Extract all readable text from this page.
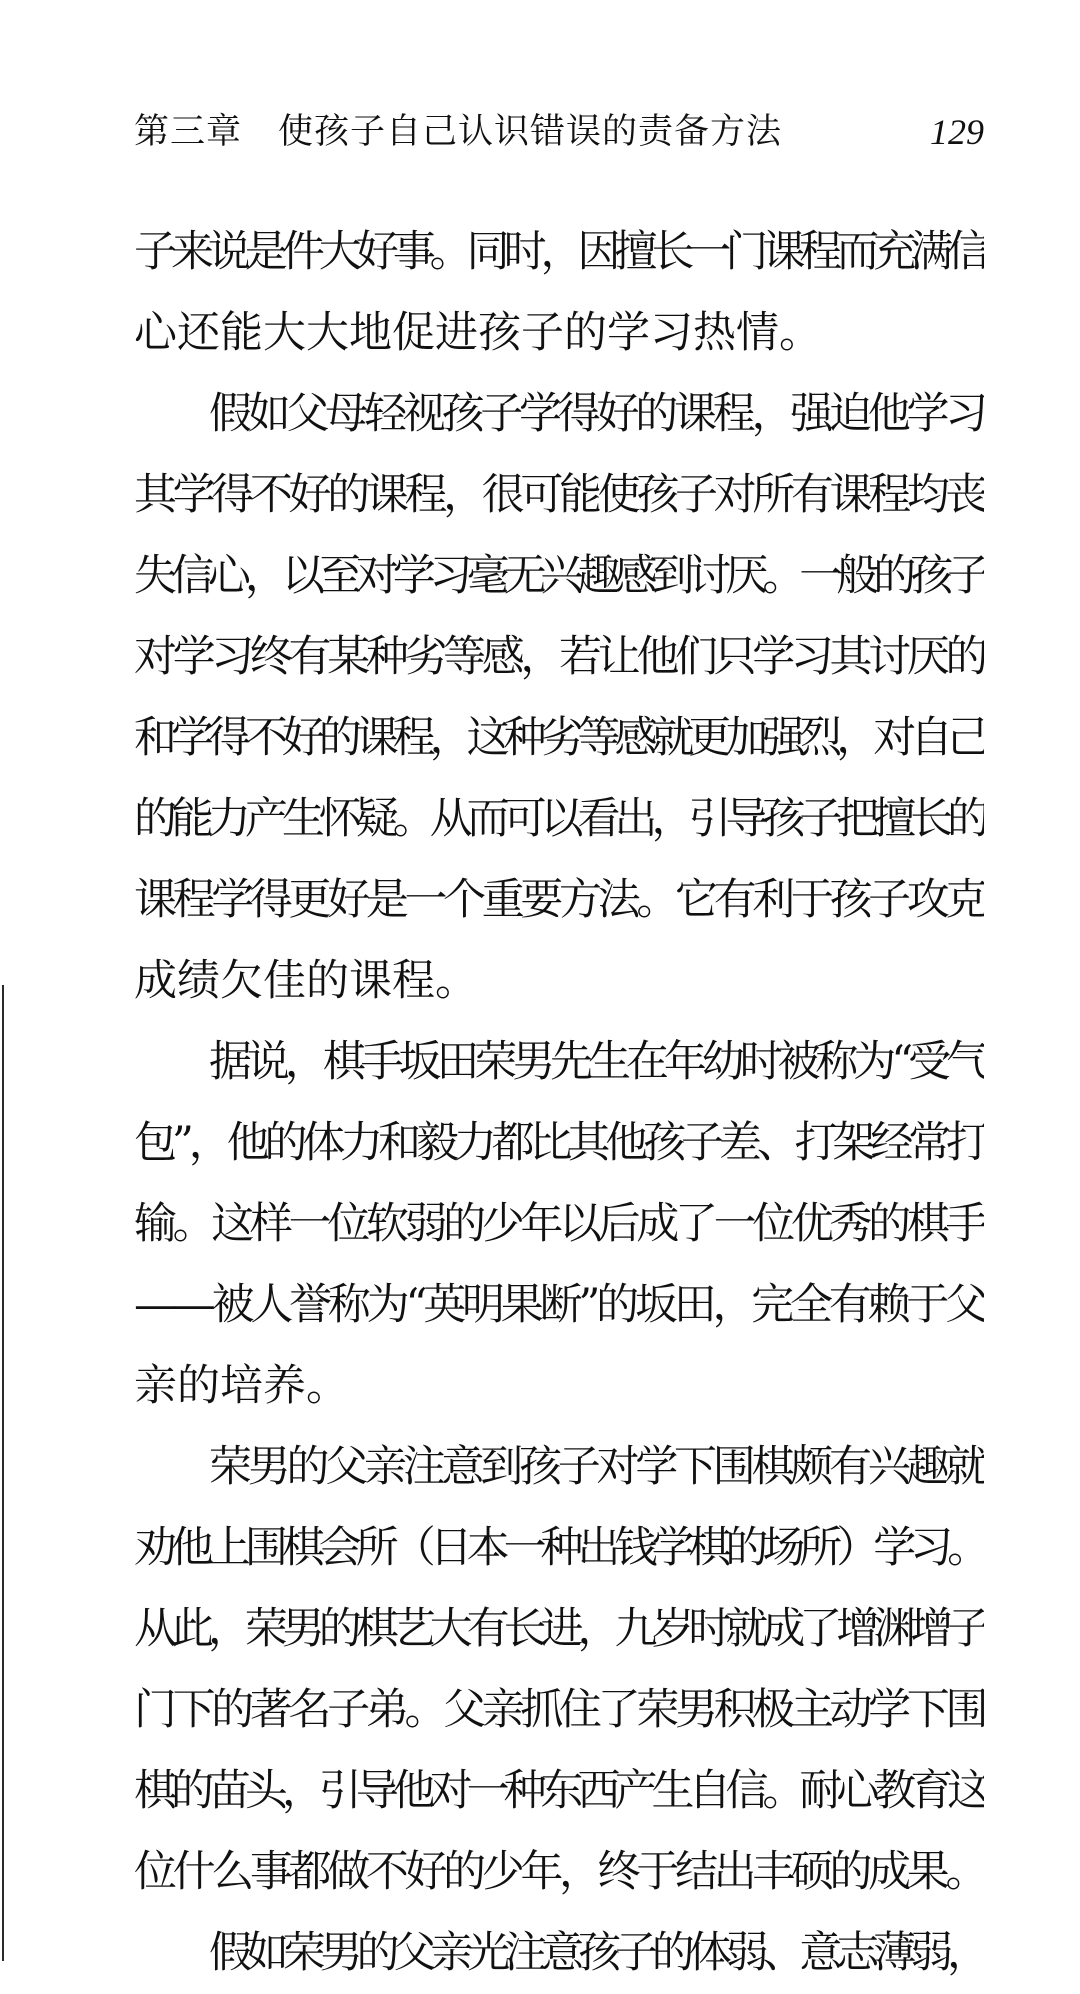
第三章　使孩子自己认识错误的责备方法	129
子来说是件大好事。同时，因擅长一门课程而充满信
心还能大大地促进孩子的学习热情。
假如父母轻视孩子学得好的课程，强迫他学习
其学得不好的课程，很可能使孩子对所有课程均丧
失信心，以至对学习毫无兴趣感到讨厌。一般的孩子
对学习终有某种劣等感，若让他们只学习其讨厌的
和学得不好的课程，这种劣等感就更加强烈，对自己
的能力产生怀疑。从而可以看出，引导孩子把擅长的
课程学得更好是一个重要方法。它有利于孩子攻克
成绩欠佳的课程。
据说，棋手坂田荣男先生在年幼时被称为“受气
包”，他的体力和毅力都比其他孩子差、打架经常打
输。这样一位软弱的少年以后成了一位优秀的棋手
——被人誉称为“英明果断”的坂田，完全有赖于父
亲的培养。
荣男的父亲注意到孩子对学下围棋颇有兴趣就
劝他上围棋会所（日本一种出钱学棋的场所）学习。
从此，荣男的棋艺大有长进，九岁时就成了增渊增子
门下的著名子弟。父亲抓住了荣男积极主动学下围
棋的苗头，引导他对一种东西产生自信。耐心教育这
位什么事都做不好的少年，终于结出丰硕的成果。
假如荣男的父亲光注意孩子的体弱、意志薄弱，
